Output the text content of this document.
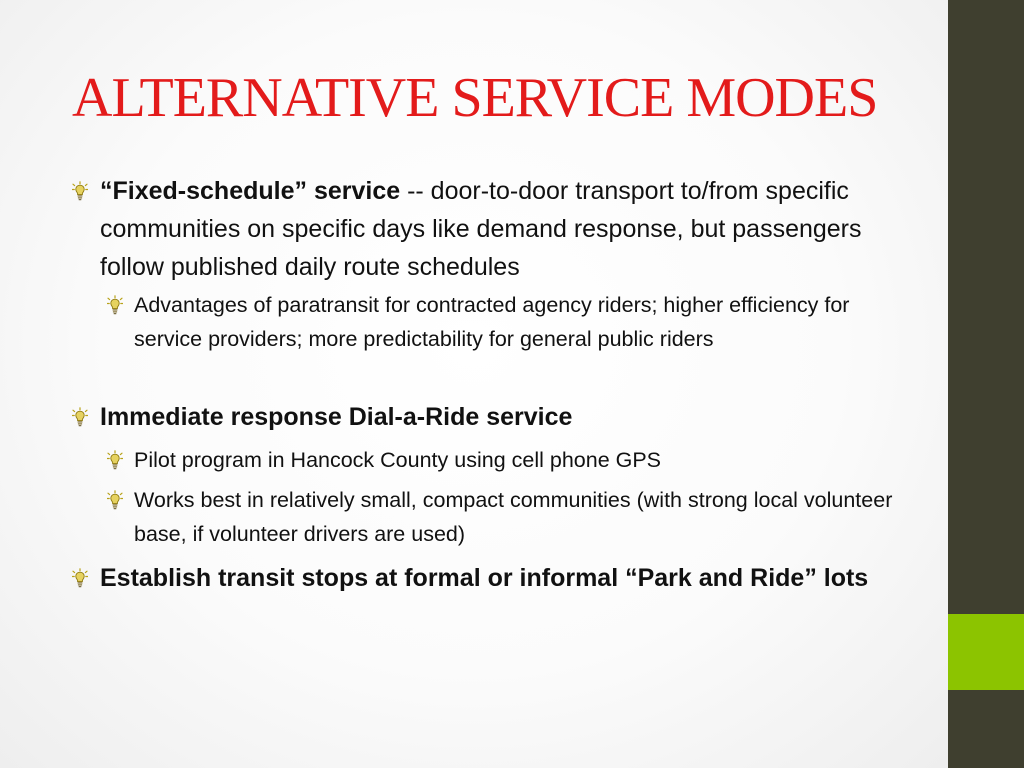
ALTERNATIVE SERVICE MODES
“Fixed-schedule” service -- door-to-door transport to/from specific communities on specific days like demand response, but passengers follow published daily route schedules
Advantages of paratransit for contracted agency riders; higher efficiency for service providers; more predictability for general public riders
Immediate response Dial-a-Ride service
Pilot program in Hancock County using cell phone GPS
Works best in relatively small, compact communities (with strong local volunteer base, if volunteer drivers are used)
Establish transit stops at formal or informal “Park and Ride” lots
